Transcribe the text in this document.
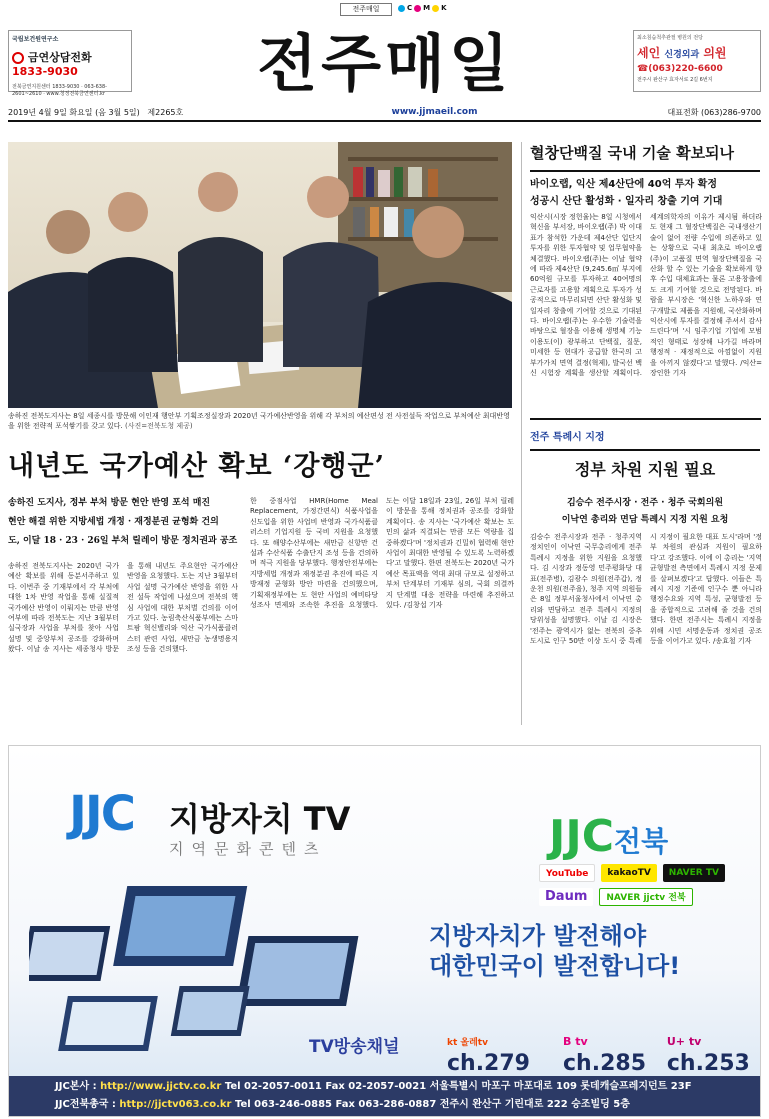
전주매일	C M K
국립보건원연구소
금연상담전화 1833-9030
전북금연지원센터 1833-9030 · 063-638-2601~2610 · www.청정전북금연센터.kr	전주매일	최소침습척추관절 병원의 전당
세인 신경외과 의원
☎(063)220-6600
전주시 완산구 효자서로 2길 6번지
2019년 4월 9일 화요일 (음 3월 5일) 제2265호	www.jjmaeil.com	대표전화 (063)286-9700
송하진 전북도지사는 8일 세종시를 방문해 이인재 행안부 기획조정실장과 2020년 국가예산반영을 위해 각 부처의 예산편성 전 사전설득 작업으로 부처예산 최대반영을 위한 전략적 포석쌓기를 갖고 있다. (사진=전북도청 제공)
혈창단백질 국내 기술 확보되나
바이오랩, 익산 제4산단에 40억 투자 확정
성공시 산단 활성화 · 일자리 창출 기여 기대
익산시(시장 정헌율)는 8일 시청에서 혁신을 부서장, 바이오랩(주) 박 이대표가 참석한 가운데 제4산단 입단지 투자를 위한 투자협약 및 업무협약을 체결했다. 바이오랩(주)는 이날 협약에 따라 제4산단 (9,245.6㎡ 부지에 60억원 규모를 투자하고 40여명의 근로자를 고용할 계획으로 투자가 성공적으로 마무리되면 산단 활성화 및 일자리 창출에 기여할 것으로 기대된다. 바이오랩(주)는 우수한 기술력을 바탕으로 혈장을 이용해 생명체 기능 이용도(이) 광부하고 단백질, 질문, 미세한 등 현대가 공급할 한국의 고부가가치 면역 결정(혁제), 발국선 백신 시험장 계획을 생산할 계획이다. 세계의학자의 이유가 제시됨 하더라도 현재 그 혈장단백질은 국내생산기술이 없어 전량 수입에 의존하고 있는 상황으로 국내 최초로 바이오랩(주)이 고품질 면역 혈장단백질을 국산화 할 수 있는 기술을 확보하게 향후 수입 대체효과는 물론 고용창출에도 크게 기여할 것으로 전망된다. 바람을 부시장은 '혁신한 노하우와 연구개발로 제품을 지원해, 국산화하며 익산시에 투자를 결정해 주셔서 감사드린다'며 '시 임주기업 기업에 모범적인 형태로 성장해 나가길 바라며 행정적 · 재정적으로 아낌없이 지원을 아끼지 않겠다'고 말했다. /익산=장인한 기자
내년도 국가예산 확보 ‘강행군’
송하진 도지사, 정부 부처 방문 현안 반영 포석 매진
현안 해결 위한 지방세법 개정 · 재정분권 균형화 건의
도, 이달 18 · 23 · 26일 부처 릴레이 방문 정치권과 공조
송하진 전북도지사는 2020년 국가예산 확보를 위해 동분서주하고 있다. 이번주 중 기재부에서 각 부처에 대한 1차 반영 작업을 통해 실질적 국가예산 반영이 이뤄지는 만큼 반영여부에 따라 전북도는 지난 3월부터 실국장과 사업을 부처를 찾아 사업 설명 및 중앙부처 공조를 강화하며 왔다. 이날 송 지사는 세종청사 방문을 통해 내년도 주요현안 국가예산 반영을 요청했다. 도는 지난 3월부터 사업 설명 국가예산 반영을 위한 사전 설득 작업에 나섰으며 전북의 핵심 사업에 대한 부처별 건의를 이어가고 있다. 농림축산식품부에는 스마트팜 혁신밸리와 익산 국가식품클러스터 관련 사업, 새만금 농생명용지 조성 등을 건의했다.
한 중점사업 HMR(Home Meal Replacement, 가정간편식) 식품사업을 신도입을 위한 사업비 반영과 국가식품클러스터 기업지원 등 국비 지원을 요청했다. 또 해양수산부에는 새만금 신항만 건설과 수산식품 수출단지 조성 등을 건의하며 적극 지원을 당부했다. 행정안전부에는 지방세법 개정과 재정분권 추진에 따른 지방재정 균형화 방안 마련을 건의했으며, 기획재정부에는 도 현안 사업의 예비타당성조사 면제와 조속한 추진을 요청했다. 도는 이달 18일과 23일, 26일 부처 릴레이 방문을 통해 정치권과 공조를 강화할 계획이다. 송 지사는 '국가예산 확보는 도민의 삶과 직결되는 만큼 모든 역량을 집중하겠다'며 '정치권과 긴밀히 협력해 현안 사업이 최대한 반영될 수 있도록 노력하겠다'고 말했다. 한편 전북도는 2020년 국가예산 목표액을 역대 최대 규모로 설정하고 부처 단계부터 기재부 심의, 국회 의결까지 단계별 대응 전략을 마련해 추진하고 있다. /김창섭 기자
전주 특례시 지정
정부 차원 지원 필요
김승수 전주시장 · 전주 · 청주 국회의원
이낙연 총리와 면담 특례시 지정 지원 요청
김승수 전주시장과 전주 · 청주지역 정치인이 이낙연 국무총리에게 전주 특례시 지정을 위한 지원을 요청했다. 김 시장과 정동영 민주평화당 대표(전주병), 김광수 의원(전주갑), 정운천 의원(전주을), 청주 지역 의원들은 8일 정부서울청사에서 이낙연 총리와 면담하고 전주 특례시 지정의 당위성을 설명했다. 이날 김 시장은 '전주는 광역시가 없는 전북의 중추도시로 인구 50만 이상 도시 중 특례시 지정이 필요한 대표 도시'라며 '정부 차원의 관심과 지원이 필요하다'고 강조했다. 이에 이 총리는 '지역 균형발전 측면에서 특례시 지정 문제를 살펴보겠다'고 답했다. 이들은 특례시 지정 기준에 인구수 뿐 아니라 행정수요와 지역 특성, 균형발전 등을 종합적으로 고려해 줄 것을 건의했다. 한편 전주시는 특례시 지정을 위해 시민 서명운동과 정치권 공조 등을 이어가고 있다. /송효철 기자
JJC 지방자치 TV
지역문화콘텐츠	JJC전북
YouTube	kakaoTV	NAVER TV
Daum	NAVER jjctv 전북
지방자치가 발전해야
대한민국이 발전합니다!
TV방송채널	kt 올레tv ch.279
B tv ch.285
U+ tv ch.253
JJC본사 : http://www.jjctv.co.kr Tel 02-2057-0011 Fax 02-2057-0021 서울특별시 마포구 마포대로 109 롯데캐슬프레지던트 23F
JJC전북총국 : http://jjctv063.co.kr Tel 063-246-0885 Fax 063-286-0887 전주시 완산구 기린대로 222 승조빌딩 5층
